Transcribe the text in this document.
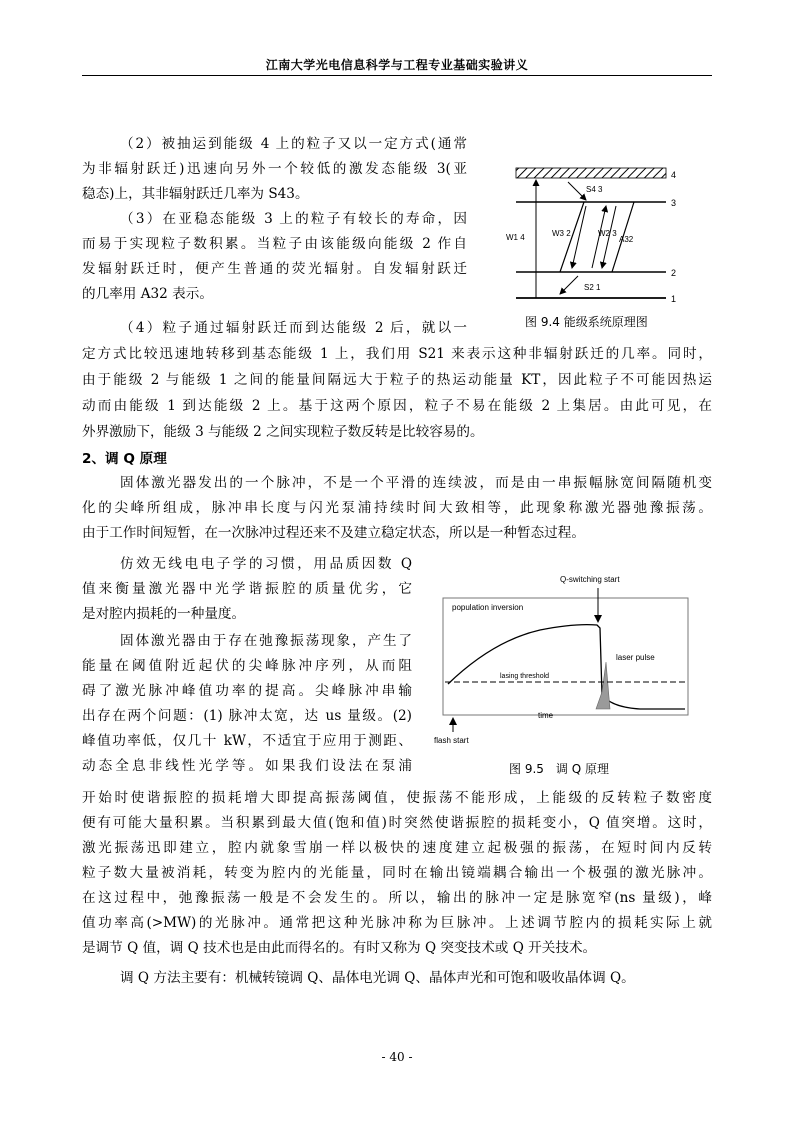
江南大学光电信息科学与工程专业基础实验讲义
（2）被抽运到能级 4 上的粒子又以一定方式(通常
为非辐射跃迁)迅速向另外一个较低的激发态能级 3(亚
稳态)上，其非辐射跃迁几率为 S43。
（3）在亚稳态能级 3 上的粒子有较长的寿命，因
而易于实现粒子数积累。当粒子由该能级向能级 2 作自
发辐射跃迁时，便产生普通的荧光辐射。自发辐射跃迁
的几率用 A32 表示。
4
3
2
1
S4 3
S2 1
W1 4	W3 2	W2 3
A32
图 9.4 能级系统原理图
（4）粒子通过辐射跃迁而到达能级 2 后，就以一
定方式比较迅速地转移到基态能级 1 上，我们用 S21 来表示这种非辐射跃迁的几率。同时，
由于能级 2 与能级 1 之间的能量间隔远大于粒子的热运动能量 KT，因此粒子不可能因热运
动而由能级 1 到达能级 2 上。基于这两个原因，粒子不易在能级 2 上集居。由此可见，在
外界激励下，能级 3 与能级 2 之间实现粒子数反转是比较容易的。
2、调 Q 原理
固体激光器发出的一个脉冲，不是一个平滑的连续波，而是由一串振幅脉宽间隔随机变
化的尖峰所组成，脉冲串长度与闪光泵浦持续时间大致相等，此现象称激光器弛豫振荡。
由于工作时间短暂，在一次脉冲过程还来不及建立稳定状态，所以是一种暂态过程。
仿效无线电电子学的习惯，用品质因数 Q
值来衡量激光器中光学谐振腔的质量优劣，它
是对腔内损耗的一种量度。
Q-switching start
population inversion
laser pulse
lasing threshold
time
flash start
图 9.5　调 Q 原理
固体激光器由于存在弛豫振荡现象，产生了
能量在阈值附近起伏的尖峰脉冲序列，从而阻
碍了激光脉冲峰值功率的提高。尖峰脉冲串输
出存在两个问题：(1) 脉冲太宽，达 us 量级。(2)
峰值功率低，仅几十 kW，不适宜于应用于测距、
动态全息非线性光学等。如果我们设法在泵浦
开始时使谐振腔的损耗增大即提高振荡阈值，使振荡不能形成，上能级的反转粒子数密度
便有可能大量积累。当积累到最大值(饱和值)时突然使谐振腔的损耗变小，Q 值突增。这时，
激光振荡迅即建立，腔内就象雪崩一样以极快的速度建立起极强的振荡，在短时间内反转
粒子数大量被消耗，转变为腔内的光能量，同时在输出镜端耦合输出一个极强的激光脉冲。
在这过程中，弛豫振荡一般是不会发生的。所以，输出的脉冲一定是脉宽窄(ns 量级)，峰
值功率高(>MW)的光脉冲。通常把这种光脉冲称为巨脉冲。上述调节腔内的损耗实际上就
是调节 Q 值，调 Q 技术也是由此而得名的。有时又称为 Q 突变技术或 Q 开关技术。
调 Q 方法主要有：机械转镜调 Q、晶体电光调 Q、晶体声光和可饱和吸收晶体调 Q。
- 40 -
